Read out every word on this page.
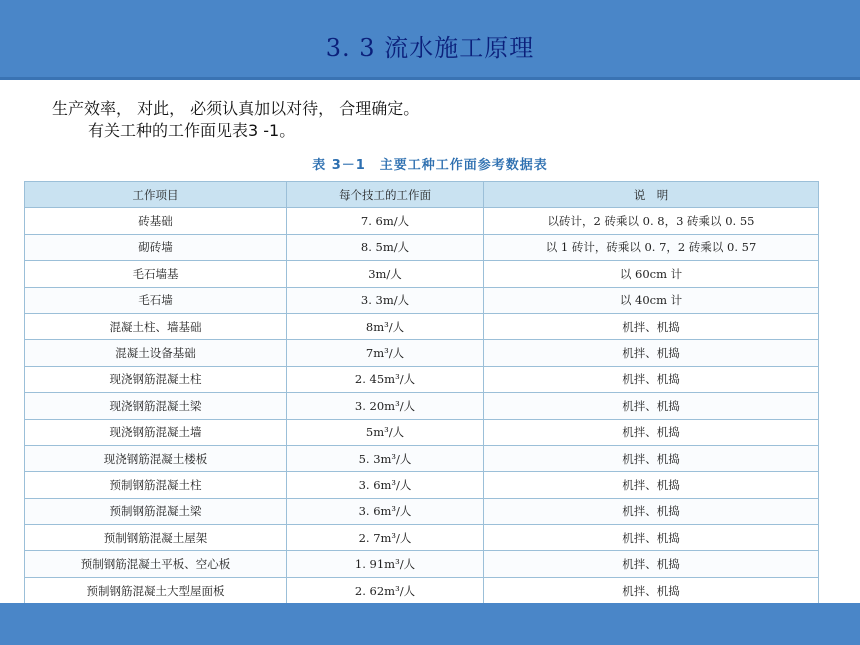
3. 3 流水施工原理
生产效率， 对此， 必须认真加以对待， 合理确定。
有关工种的工作面见表3 -1。
表 3－1　主要工种工作面参考数据表
工作项目	每个技工的工作面	说　明
砖基础	7. 6m/人	以砖计，2 砖乘以 0. 8，3 砖乘以 0. 55
砌砖墙	8. 5m/人	以 1 砖计，砖乘以 0. 7，2 砖乘以 0. 57
毛石墙基	3m/人	以 60cm 计
毛石墙	3. 3m/人	以 40cm 计
混凝土柱、墙基础	8m³/人	机拌、机捣
混凝土设备基础	7m³/人	机拌、机捣
现浇钢筋混凝土柱	2. 45m³/人	机拌、机捣
现浇钢筋混凝土梁	3. 20m³/人	机拌、机捣
现浇钢筋混凝土墙	5m³/人	机拌、机捣
现浇钢筋混凝土楼板	5. 3m³/人	机拌、机捣
预制钢筋混凝土柱	3. 6m³/人	机拌、机捣
预制钢筋混凝土梁	3. 6m³/人	机拌、机捣
预制钢筋混凝土屋架	2. 7m³/人	机拌、机捣
预制钢筋混凝土平板、空心板	1. 91m³/人	机拌、机捣
预制钢筋混凝土大型屋面板	2. 62m³/人	机拌、机捣
